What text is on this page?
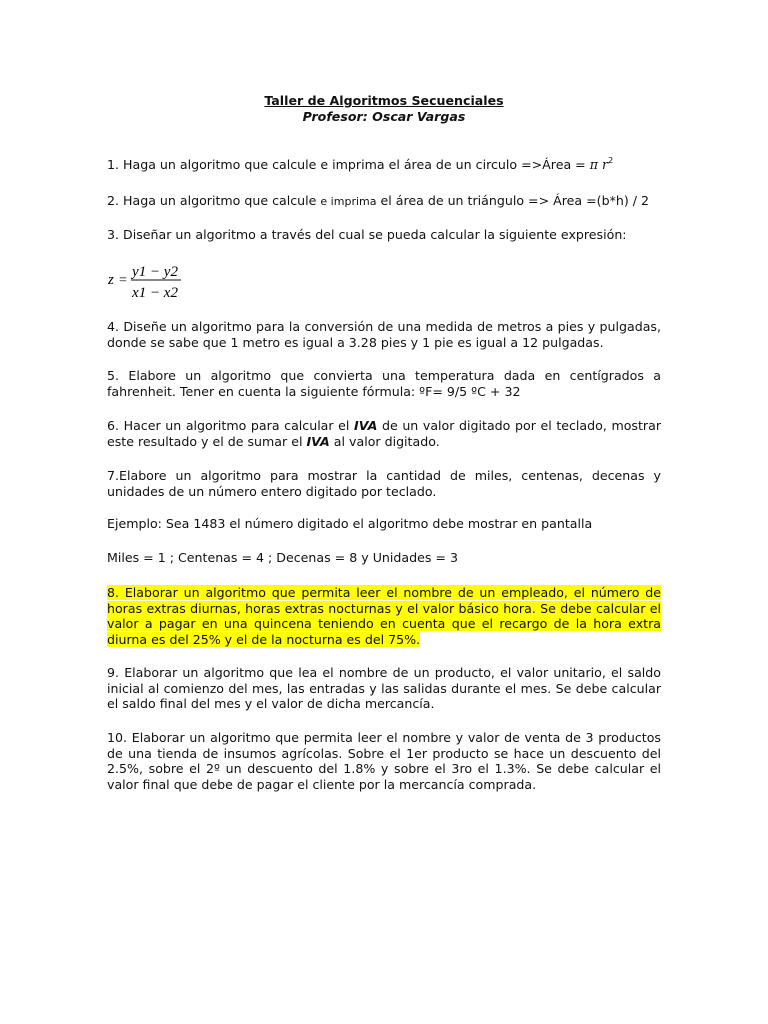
Taller de Algoritmos Secuenciales
Profesor: Oscar Vargas

1. Haga un algoritmo que calcule e imprima el área de un circulo =>Área = π $r^2$

2. Haga un algoritmo que calcule e imprima el área de un triángulo => Área =(b*h) / 2

3. Diseñar un algoritmo a través del cual se pueda calcular la siguiente expresión:

z =
y1 − y2
x1 − x2

4. Diseñe un algoritmo para la conversión de una medida de metros a pies y pulgadas, donde se sabe que 1 metro es igual a 3.28 pies y 1 pie es igual a 12 pulgadas.

5. Elabore un algoritmo que convierta una temperatura dada en centígrados a fahrenheit. Tener en cuenta la siguiente fórmula: ºF= 9/5 ºC + 32

6. Hacer un algoritmo para calcular el IVA de un valor digitado por el teclado, mostrar este resultado y el de sumar el IVA al valor digitado.

7.Elabore un algoritmo para mostrar la cantidad de miles, centenas, decenas y unidades de un número entero digitado por teclado.

Ejemplo: Sea 1483 el número digitado el algoritmo debe mostrar en pantalla

Miles = 1 ; Centenas = 4 ; Decenas = 8 y Unidades = 3

8. Elaborar un algoritmo que permita leer el nombre de un empleado, el número de horas extras diurnas, horas extras nocturnas y el valor básico hora. Se debe calcular el valor a pagar en una quincena teniendo en cuenta que el recargo de la hora extra diurna es del 25% y el de la nocturna es del 75%.

9. Elaborar un algoritmo que lea el nombre de un producto, el valor unitario, el saldo inicial al comienzo del mes, las entradas y las salidas durante el mes. Se debe calcular el saldo final del mes y el valor de dicha mercancía.

10. Elaborar un algoritmo que permita leer el nombre y valor de venta de 3 productos de una tienda de insumos agrícolas. Sobre el 1er producto se hace un descuento del 2.5%, sobre el 2º un descuento del 1.8% y sobre el 3ro el 1.3%. Se debe calcular el valor final que debe de pagar el cliente por la mercancía comprada.
